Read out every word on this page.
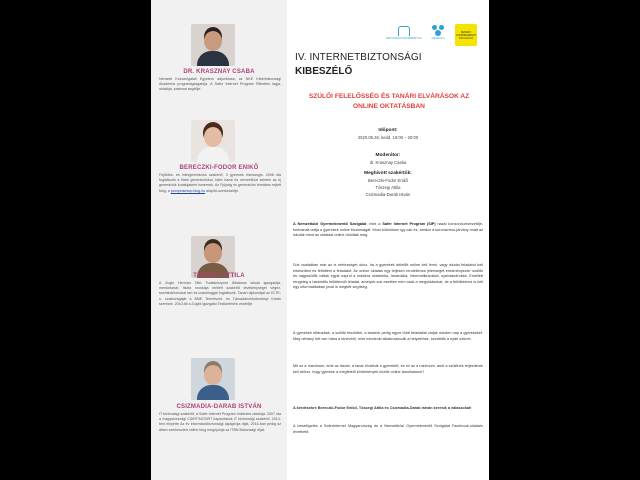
DR. KRASZNAY CSABA
Nemzeti Közszolgálati Egyetem adjunktusa, az NKE Kiberbiztonsági Akadémia programigazgatója. A Safer Internet Program Étikettes tagja, oktatója, szakmai segítője.
BERECZKI-FODOR ENIKŐ
Fejlődés- és intergenerációs szakértő, 3 gyermek édesanyja. 2006 óta foglalkozik a fiatal generációkkal, kiket hazai és nemzetközi szinten az új generációk kutatójaként ismernek. Az Fjújság és generációs témában rejtett blog, a pompeismtop.blog.hu alapító-szerkesztője.
TÓSZEGI ATTILA
A Zugló Herman Ottó Tudásközpont Általános iskola igazgatója, mentortanár, tiszta munkája mellett szakértő tevékenységet végez, szemináriumokat tart és coachinggal foglalkozik. Tanári diplomáját az ELTE-n, szakvizsgáját a BME Természet- és Társadalomtudományi Karán szerezte. 2010-től a Zuglói igazgatói Testületének vezetője.
CSIZMADIA-DARAB ISTVÁN
IT biztonsági szakértő, a Safer Internet Program önkéntes oktatója. 2007 óta a magyarországi CSIRT/NCSIRT kapacitások IT biztonsági szakértő. 2014-ben elnyerte Az év információbiztonsági újságírója díjat, 2016-ban pedig az állam szerkesztett online blog megújulója az ITBN Biztonsági díját.
BIZTONSÁGOSINTERNET.HU	digitalis.hu
NEMZETI GYERMEKMENTŐ SZOLGÁLAT
IV. INTERNETBIZTONSÁGI
KIBESZÉLŐ
SZÜLŐI FELELŐSSÉG ÉS TANÁRI ELVÁRÁSOK AZ ONLINE OKTATÁSBAN
Időpont:
2020.05.26. kedd, 19:00 – 20:00
Moderátor:
dr. Krasznay Csaba
Meghívott szakértők:
Bereczki-Fodor Enikő
Tószegi Attila
Csizmadia-Darab István
A Nemzetközi Gyermekmentő Szolgálat, mint a Safer Internet Program (SIP) hazai konzorciumvezetője, fontosnak tartja a gyerekek online biztonságát. Most különösen így van ez, amikor a koronavírus-járvány miatt az iskolák mind az oktatást online oldották meg.
Sok családban már az is nehézséget okoz, ha a gyerekek délelőtt online kell lenni, vagy iskolai feladatot kell elkészíteni és feltölteni a feladatot. Az online oktatás egy teljesen rendellenes jelenségét eredményezte: szülők és nagyszülők váltak egyik napról a másikra oktatókká, tanárokká, informatikusokká, nyelvtanárokká. Emellett rengeteg a határidős feltöltendő feladat, amelyek sok esetben nem csak a megoldásokat, de a feltöltéshez is kell egy informatikában jóval is megtett segítség.
A gyerekek elfáradtak, a szülők feszültek, a tanárok pedig egyre több feladattal várják minden nap a gyerekeket. Még néhány hét van hátra a tanévből, mire mindenki alkalmazkodik a helyzethez, kezdődik a nyári szünet.
Mit az a maximum, amit az iskola, a tanár elvárhat a gyerektől, és mi az a minimum, amit a szülőnek teljesítenie kell ahhoz, hogy gyereke a megfelelő körülmények között online tanulhasson?
A kérdésekre Bereczki-Fodor Enikő, Tószegi Attila és Csizmadia-Darab István keresik a válaszokat!
A beszélgetés a SaferInternet Magyarország és a Nemzetközi Gyermekmentő Szolgálat Facebook-oldalain lévethető.
